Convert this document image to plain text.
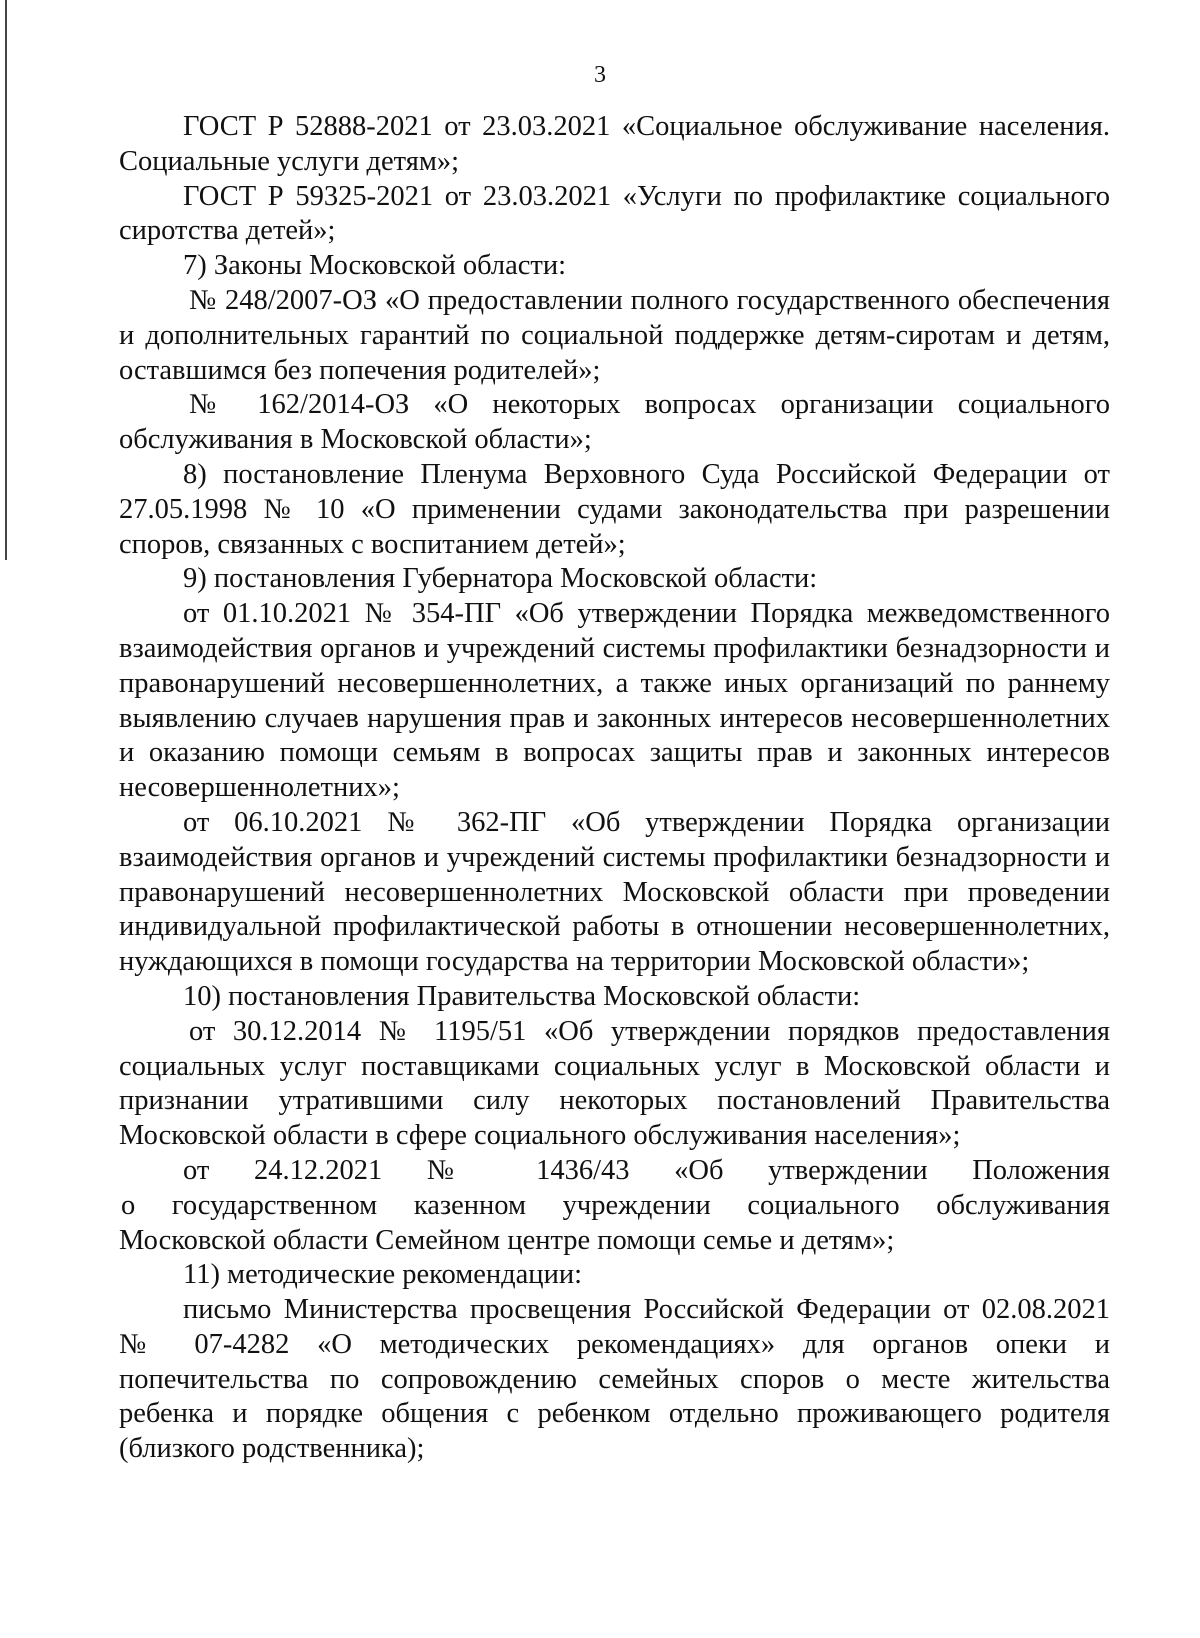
3

ГОСТ Р 52888-2021 от 23.03.2021 «Социальное обслуживание населения. Социальные услуги детям»;

ГОСТ Р 59325-2021 от 23.03.2021 «Услуги по профилактике социального сиротства детей»;

7) Законы Московской области:

№ 248/2007-ОЗ «О предоставлении полного государственного обеспечения и дополнительных гарантий по социальной поддержке детям-сиротам и детям, оставшимся без попечения родителей»;

№ 162/2014-ОЗ «О некоторых вопросах организации социального обслуживания в Московской области»;

8) постановление Пленума Верховного Суда Российской Федерации от 27.05.1998 № 10 «О применении судами законодательства при разрешении споров, связанных с воспитанием детей»;

9) постановления Губернатора Московской области:

от 01.10.2021 № 354-ПГ «Об утверждении Порядка межведомственного взаимодействия органов и учреждений системы профилактики безнадзорности и правонарушений несовершеннолетних, а также иных организаций по раннему выявлению случаев нарушения прав и законных интересов несовершеннолетних и оказанию помощи семьям в вопросах защиты прав и законных интересов несовершеннолетних»;

от 06.10.2021 № 362-ПГ «Об утверждении Порядка организации взаимодействия органов и учреждений системы профилактики безнадзорности и правонарушений несовершеннолетних Московской области при проведении индивидуальной профилактической работы в отношении несовершеннолетних, нуждающихся в помощи государства на территории Московской области»;

10) постановления Правительства Московской области:

от 30.12.2014 № 1195/51 «Об утверждении порядков предоставления социальных услуг поставщиками социальных услуг в Московской области и признании утратившими силу некоторых постановлений Правительства Московской области в сфере социального обслуживания населения»;

от 24.12.2021 № 1436/43 «Об утверждении Положения

о государственном казенном учреждении социального обслуживания Московской области Семейном центре помощи семье и детям»;

11) методические рекомендации:

письмо Министерства просвещения Российской Федерации от 02.08.2021 № 07-4282 «О методических рекомендациях» для органов опеки и попечительства по сопровождению семейных споров о месте жительства ребенка и порядке общения с ребенком отдельно проживающего родителя (близкого родственника);
